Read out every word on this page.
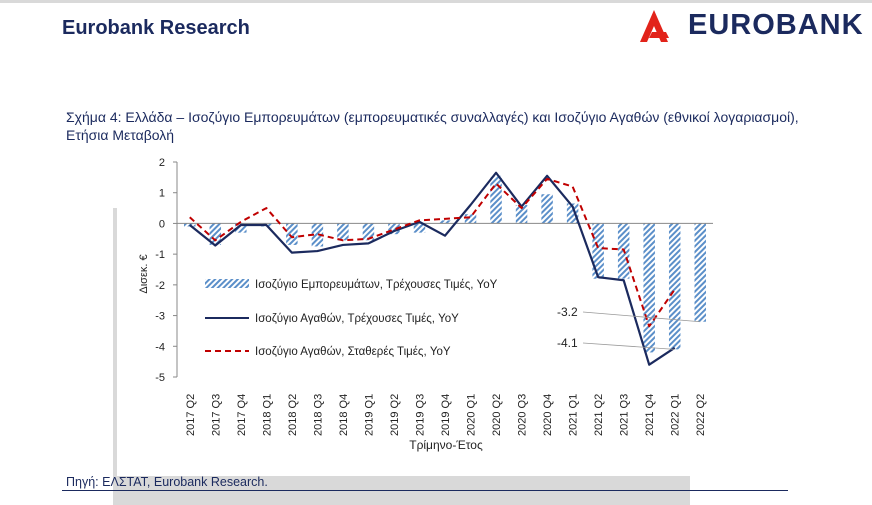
Eurobank Research	EUROBANK
Σχήμα 4: Ελλάδα – Ισοζύγιο Εμπορευμάτων (εμπορευματικές συναλλαγές) και Ισοζύγιο Αγαθών (εθνικοί λογαριασμοί), Ετήσια Μεταβολή
2
1
0
-1
-2
-3
-4
-5
2017 Q2 2017 Q3 2017 Q4 2018 Q1 2018 Q2 2018 Q3 2018 Q4 2019 Q1 2019 Q2 2019 Q3 2019 Q4 2020 Q1 2020 Q2 2020 Q3 2020 Q4 2021 Q1 2021 Q2 2021 Q3 2021 Q4 2022 Q1 2022 Q2
-3.2
-4.1
Ισοζύγιο Εμπορευμάτων, Τρέχουσες Τιμές, YoY
Ισοζύγιο Αγαθών, Τρέχουσες Τιμές, YoY
Ισοζύγιο Αγαθών, Σταθερές Τιμές, YoY
Δισεκ. €
Τρίμηνο-Έτος
Πηγή: ΕΛΣΤΑΤ, Eurobank Research.
